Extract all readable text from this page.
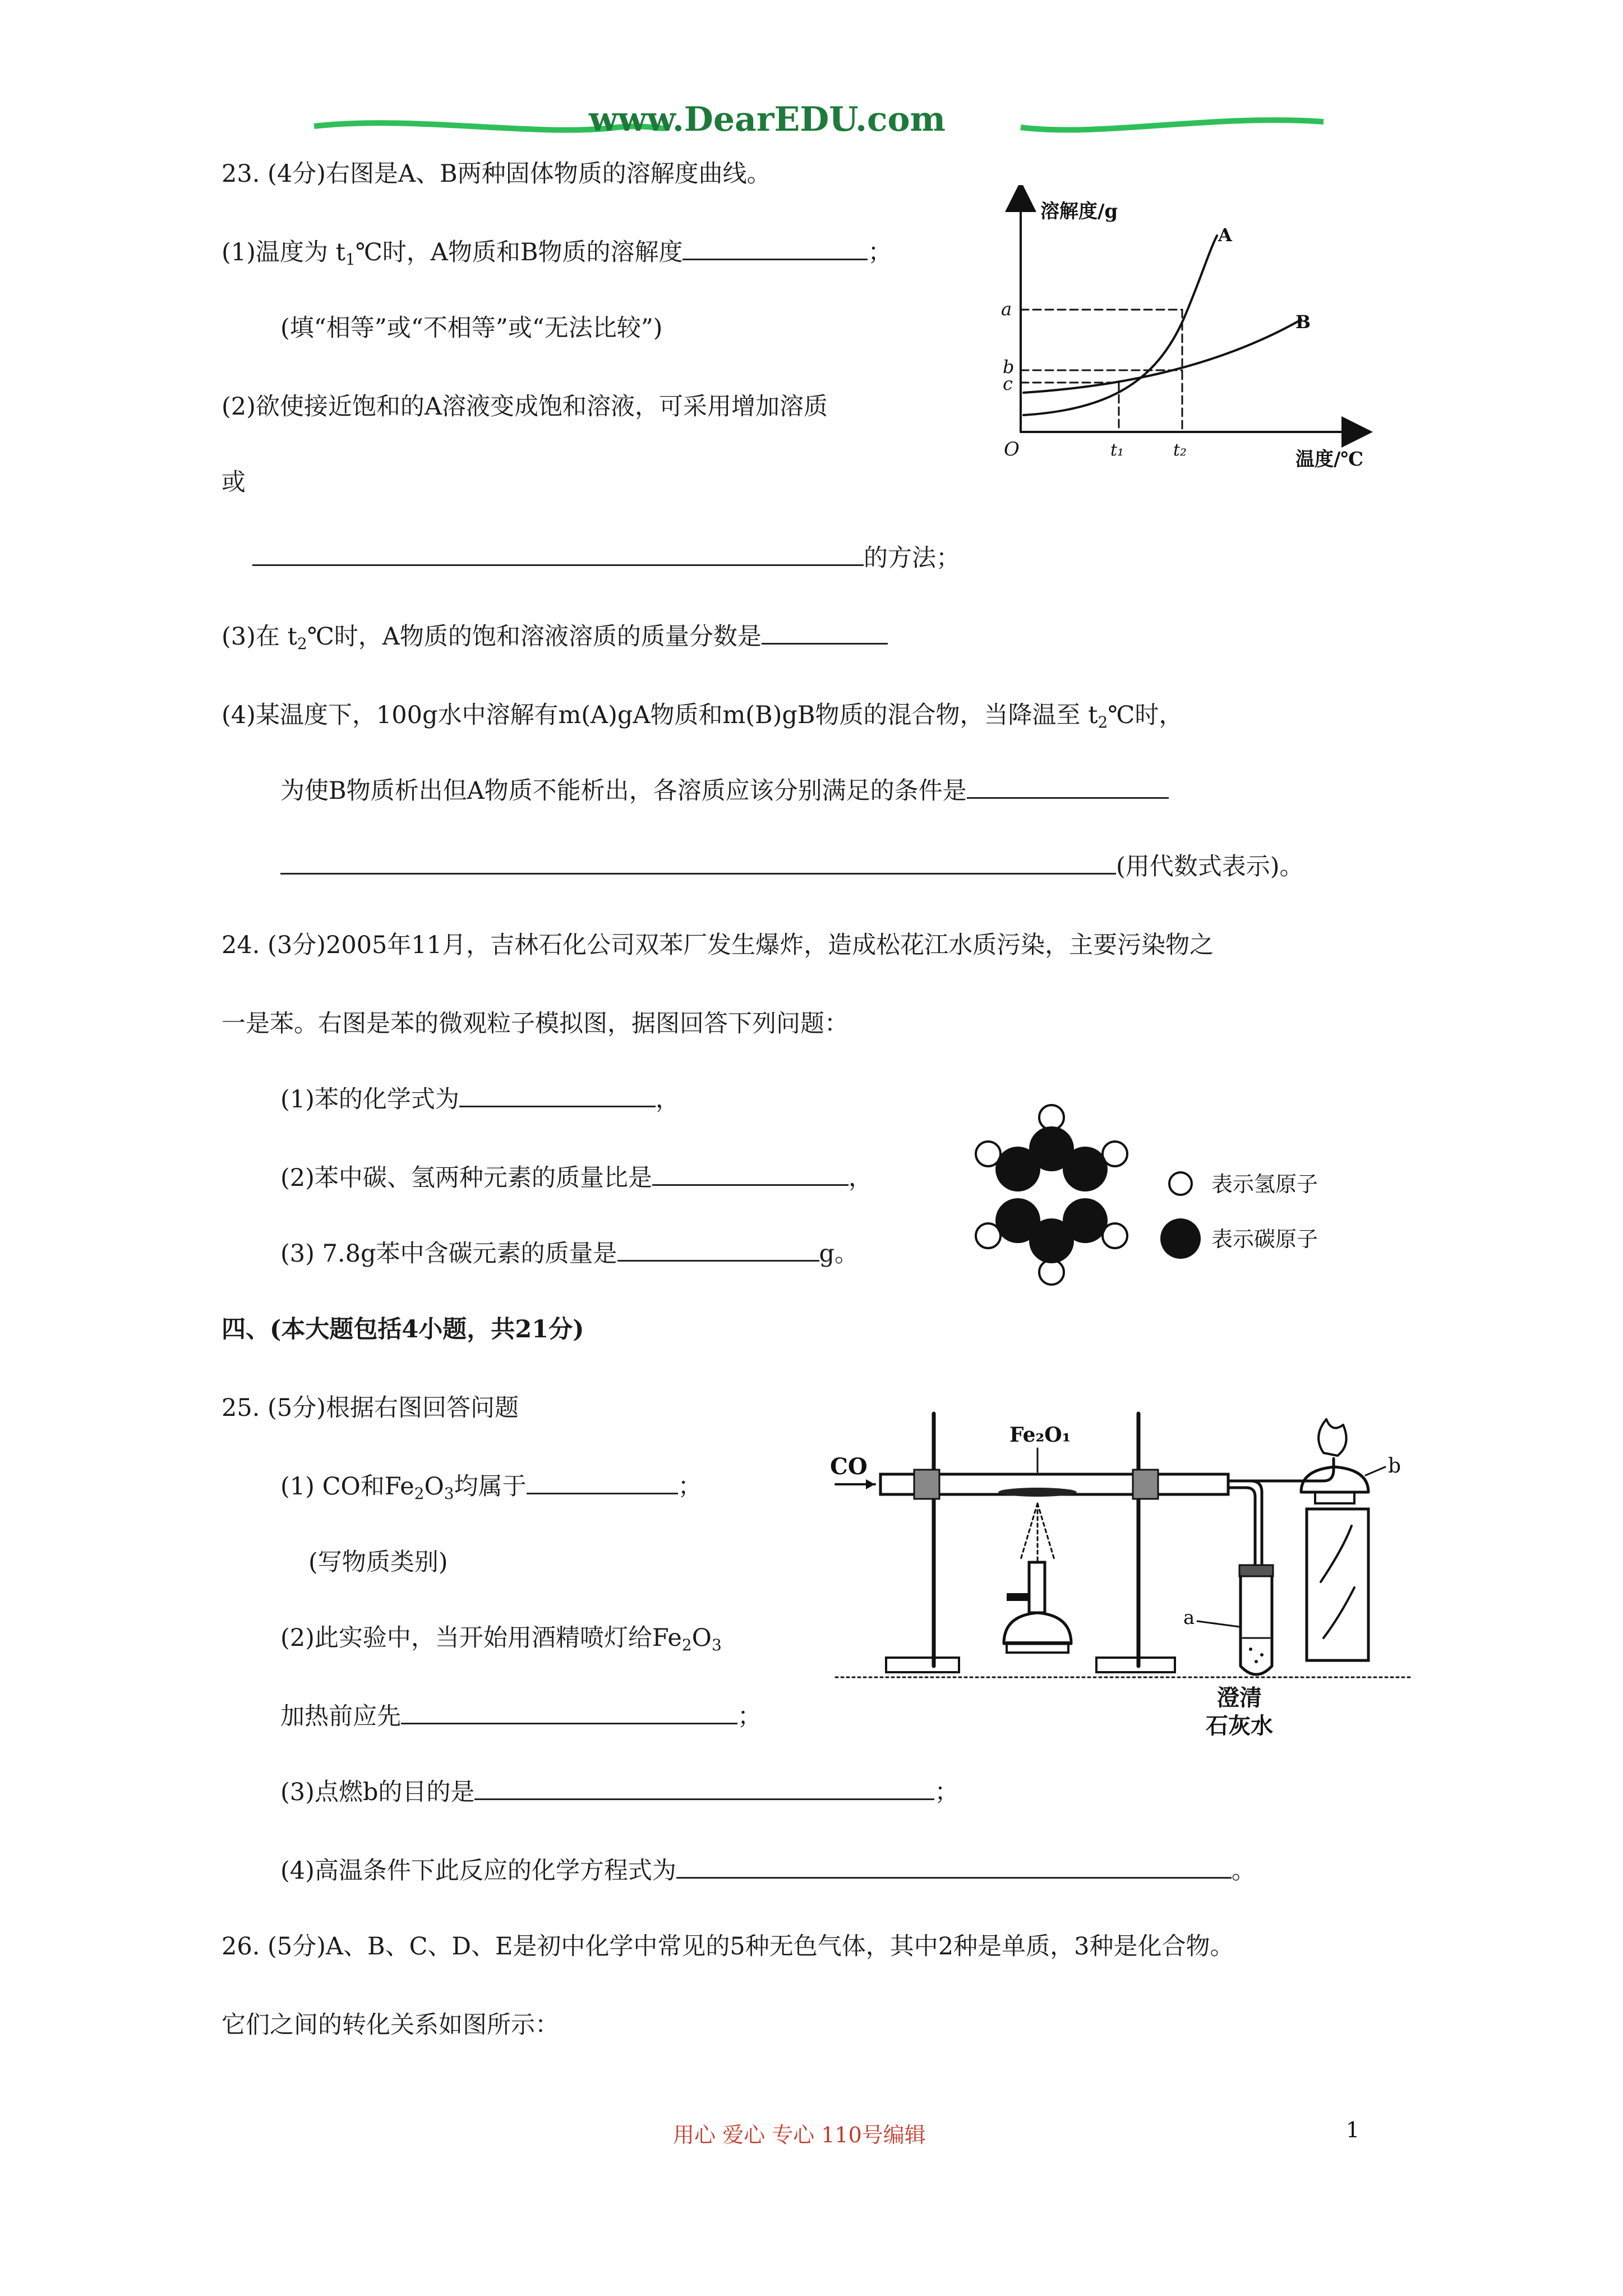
www.DearEDU.com
23. (4分)右图是A、B两种固体物质的溶解度曲线。
(1)温度为 $t_1℃$时，A物质和B物质的溶解度	；
(填“相等”或“不相等”或“无法比较”)
(2)欲使接近饱和的A溶液变成饱和溶液，可采用增加溶质
或
的方法；
(3)在 $t_2℃$时，A物质的饱和溶液溶质的质量分数是
(4)某温度下，100g水中溶解有m(A)gA物质和m(B)gB物质的混合物，当降温至 $t_2℃$时，
为使B物质析出但A物质不能析出，各溶质应该分别满足的条件是
(用代数式表示)。
溶解度/g
A
B
a
b
c
O	t₁	t₂	温度/℃
24. (3分)2005年11月，吉林石化公司双苯厂发生爆炸，造成松花江水质污染，主要污染物之
一是苯。右图是苯的微观粒子模拟图，据图回答下列问题：
(1)苯的化学式为	，
(2)苯中碳、氢两种元素的质量比是	，
(3) 7.8g苯中含碳元素的质量是	g。
表示氢原子
表示碳原子
四、(本大题包括4小题，共21分)
25. (5分)根据右图回答问题
(1) CO和$Fe_2O_3$均属于	；
(写物质类别)
(2)此实验中，当开始用酒精喷灯给$Fe_2O_3$
加热前应先	；
(3)点燃b的目的是	；
(4)高温条件下此反应的化学方程式为	。
CO
Fe₂O₁
a
b
澄清
石灰水
26. (5分)A、B、C、D、E是初中化学中常见的5种无色气体，其中2种是单质，3种是化合物。
它们之间的转化关系如图所示：
用心 爱心 专心 110号编辑	1
